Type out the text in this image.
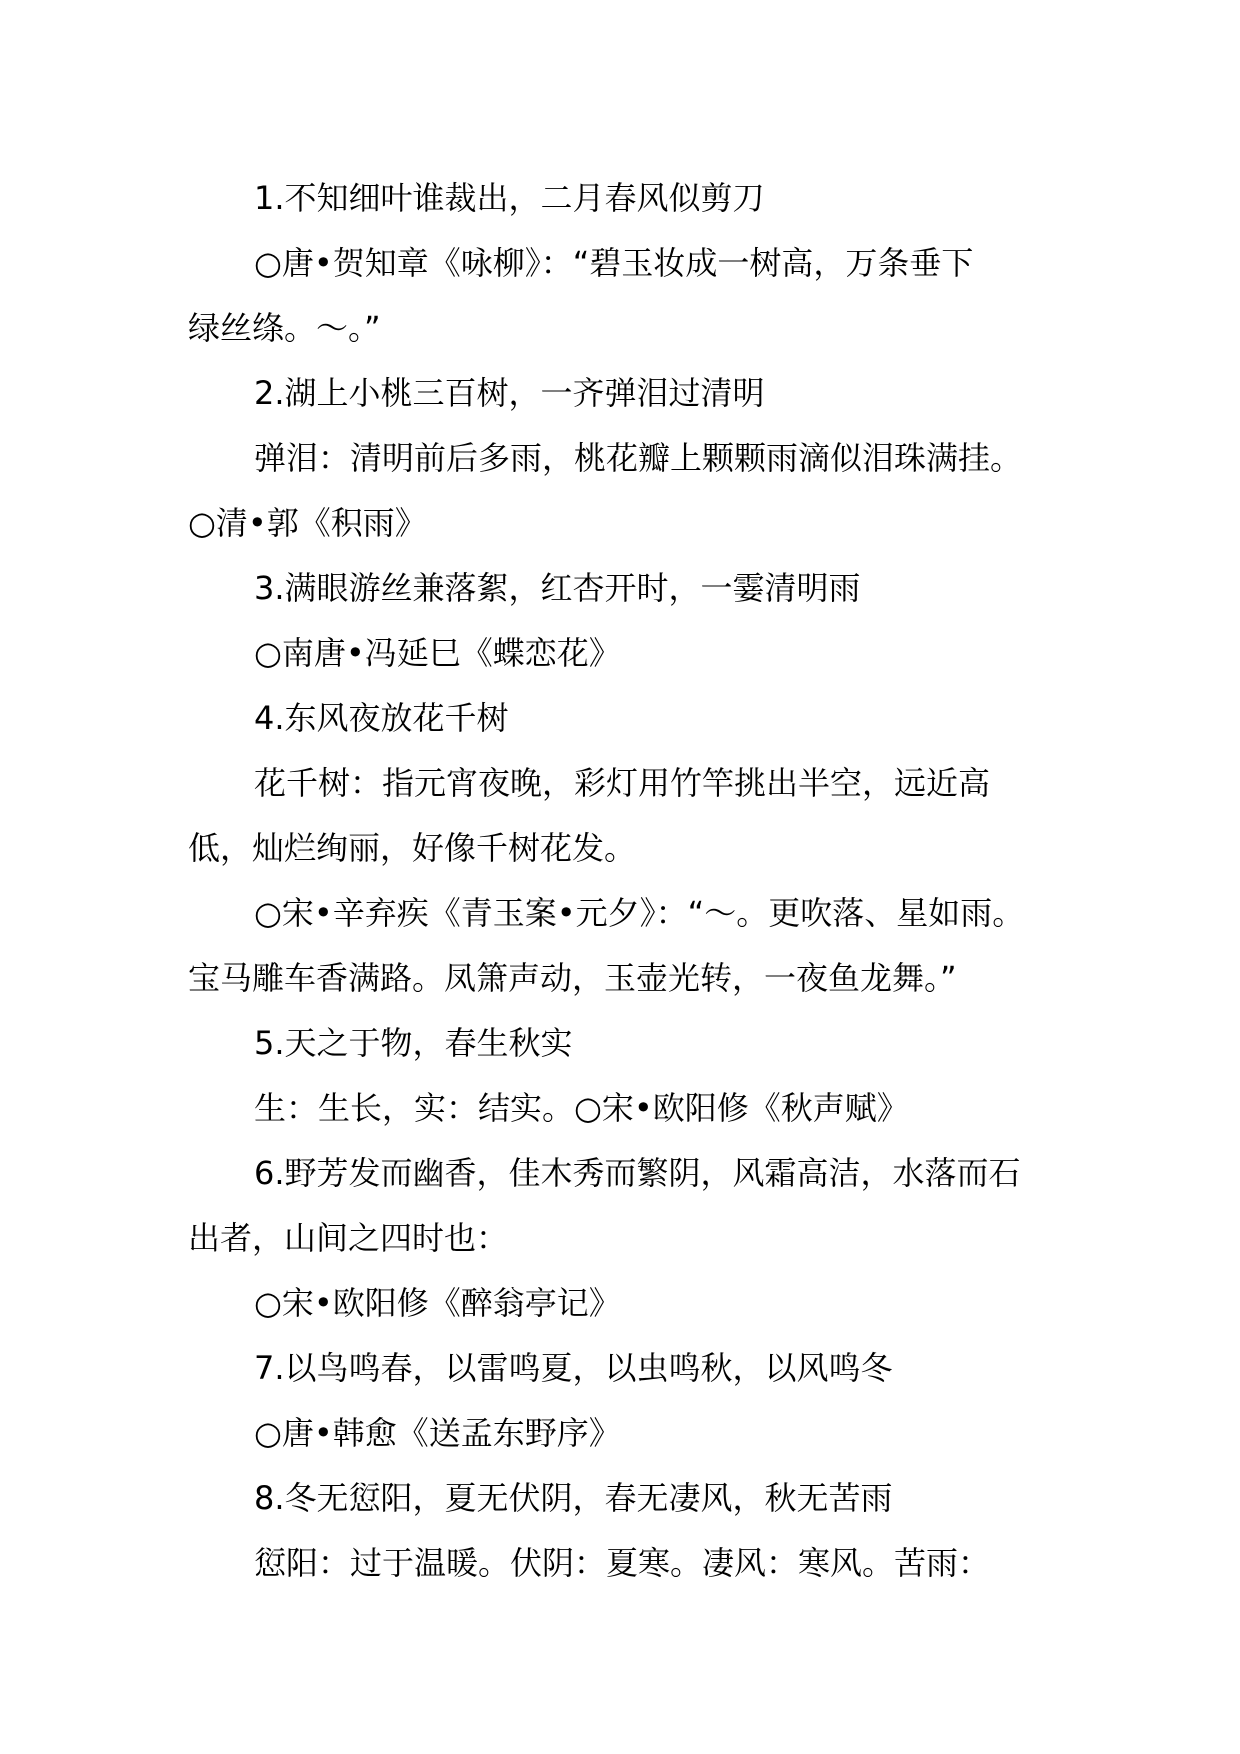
1.不知细叶谁裁出，二月春风似剪刀
○唐•贺知章《咏柳》：“碧玉妆成一树高，万条垂下
绿丝绦。～。”
2.湖上小桃三百树，一齐弹泪过清明
弹泪：清明前后多雨，桃花瓣上颗颗雨滴似泪珠满挂。
○清•郭《积雨》
3.满眼游丝兼落絮，红杏开时，一霎清明雨
○南唐•冯延巳《蝶恋花》
4.东风夜放花千树
花千树：指元宵夜晚，彩灯用竹竿挑出半空，远近高
低，灿烂绚丽，好像千树花发。
○宋•辛弃疾《青玉案•元夕》：“～。更吹落、星如雨。
宝马雕车香满路。凤箫声动，玉壶光转，一夜鱼龙舞。”
5.天之于物，春生秋实
生：生长，实：结实。○宋•欧阳修《秋声赋》
6.野芳发而幽香，佳木秀而繁阴，风霜高洁，水落而石
出者，山间之四时也：
○宋•欧阳修《醉翁亭记》
7.以鸟鸣春，以雷鸣夏，以虫鸣秋，以风鸣冬
○唐•韩愈《送孟东野序》
8.冬无愆阳，夏无伏阴，春无凄风，秋无苦雨
愆阳：过于温暖。伏阴：夏寒。凄风：寒风。苦雨：
